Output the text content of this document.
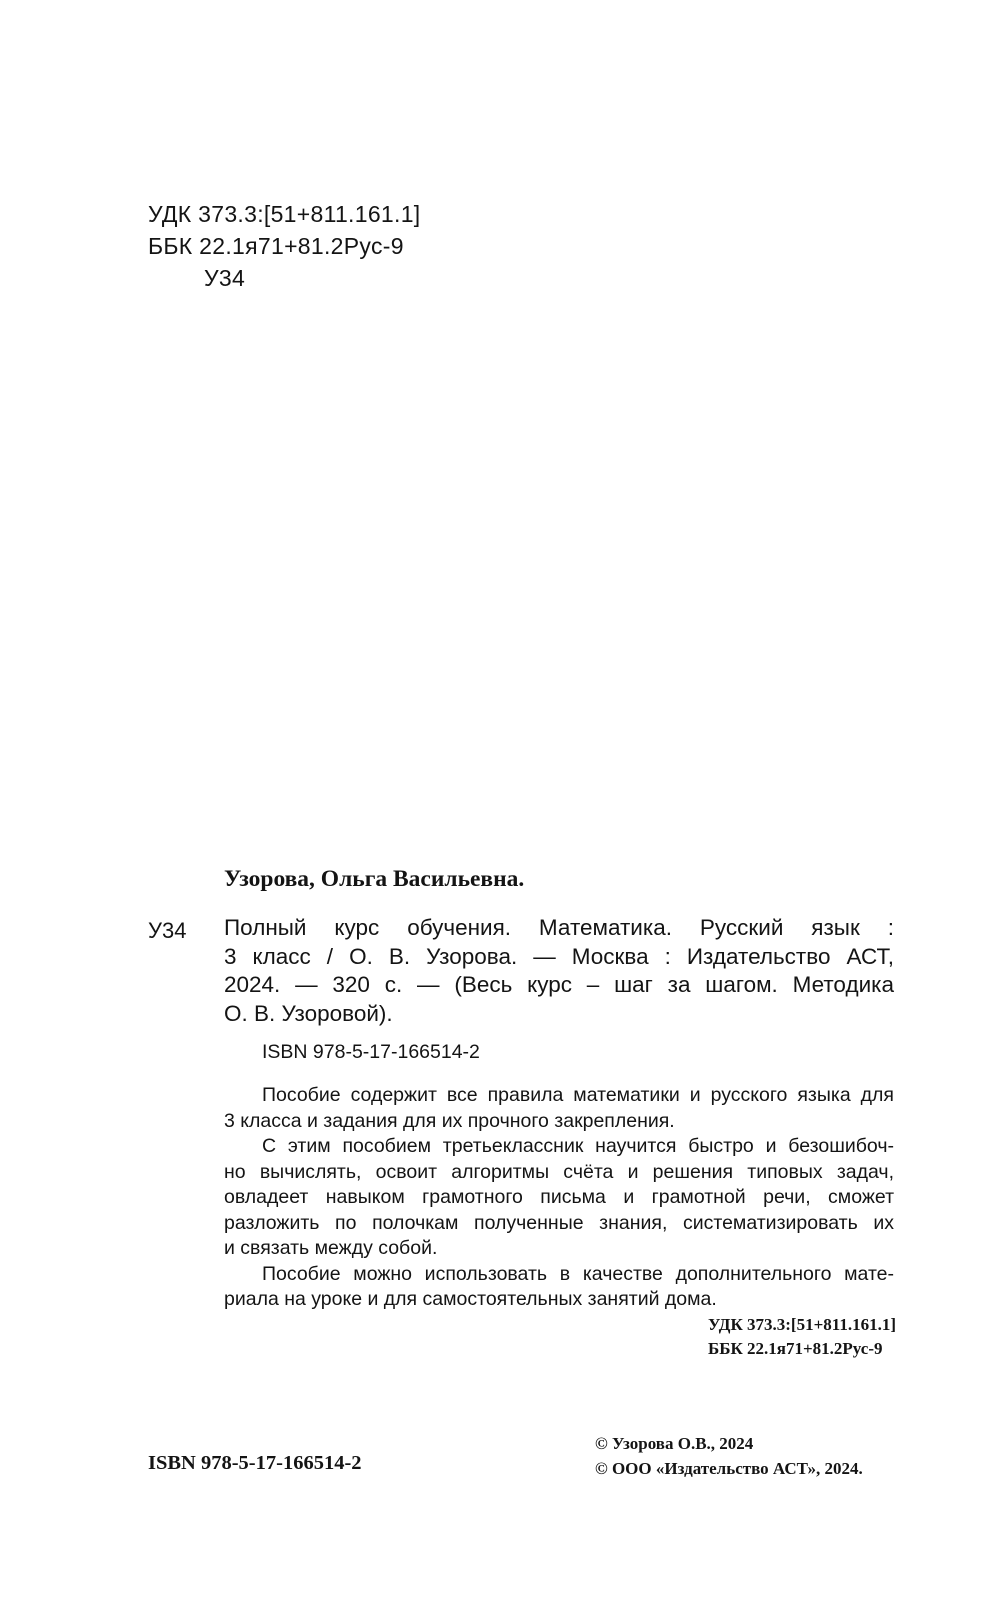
УДК 373.3:[51+811.161.1]
ББК 22.1я71+81.2Рус-9
У34
Узорова, Ольга Васильевна.
У34 Полный курс обучения. Математика. Русский язык :
3 класс / О. В. Узорова. — Москва : Издательство АСТ,
2024. — 320 с. — (Весь курс – шаг за шагом. Методика
О. В. Узоровой).
ISBN 978-5-17-166514-2
Пособие содержит все правила математики и русского языка для
3 класса и задания для их прочного закрепления.
С этим пособием третьеклассник научится быстро и безошибоч-
но вычислять, освоит алгоритмы счёта и решения типовых задач,
овладеет навыком грамотного письма и грамотной речи, сможет
разложить по полочкам полученные знания, систематизировать их
и связать между собой.
Пособие можно использовать в качестве дополнительного мате-
риала на уроке и для самостоятельных занятий дома.
УДК 373.3:[51+811.161.1]
ББК 22.1я71+81.2Рус-9
© Узорова О.В., 2024
© ООО «Издательство АСТ», 2024.
ISBN 978-5-17-166514-2
